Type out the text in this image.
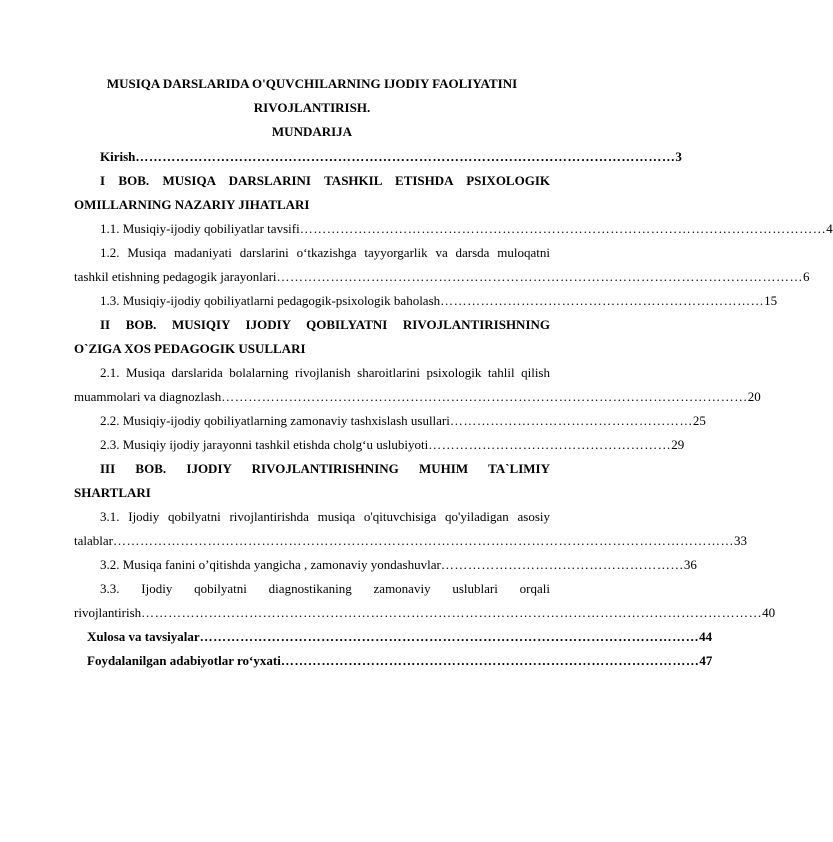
MUSIQA DARSLARIDA O'QUVCHILARNING IJODIY FAOLIYATINI
RIVOJLANTIRISH.
MUNDARIJA
Kirish ………………………………………………………………………………………………………… 3
I BOB. MUSIQA DARSLARINI TASHKIL ETISHDA PSIXOLOGIK
OMILLARNING NAZARIY JIHATLARI
1.1. Musiqiy-ijodiy qobiliyatlar tavsifi ……………………………………………………………………………………………………… 4
1.2. Musiqa madaniyati darslarini o‘tkazishga tayyorgarlik va darsda muloqatni
tashkil etishning pedagogik jarayonlari ……………………………………………………………………………………………………… 6
1.3. Musiqiy-ijodiy qobiliyatlarni pedagogik-psixologik baholash ……………………………………………………………… 15
II BOB. MUSIQIY IJODIY QOBILYATNI RIVOJLANTIRISHNING
O`ZIGA XOS PEDAGOGIK USULLARI
2.1. Musiqa darslarida bolalarning rivojlanish sharoitlarini psixologik tahlil qilish
muammolari va diagnozlash ……………………………………………………………………………………………………… 20
2.2. Musiqiy-ijodiy qobiliyatlarning zamonaviy tashxislash usullari ……………………………………………… 25
2.3. Musiqiy ijodiy jarayonni tashkil etishda cholg‘u uslubiyoti ……………………………………………… 29
III BOB. IJODIY RIVOJLANTIRISHNING MUHIM TA`LIMIY
SHARTLARI
3.1. Ijodiy qobilyatni rivojlantirishda musiqa o'qituvchisiga qo'yiladigan asosiy
talablar ………………………………………………………………………………………………………………………… 33
3.2. Musiqa fanini o’qitishda yangicha , zamonaviy yondashuvlar ……………………………………………… 36
3.3. Ijodiy qobilyatni diagnostikaning zamonaviy uslublari orqali
rivojlantirish ………………………………………………………………………………………………………………………… 40
Xulosa va tavsiyalar ………………………………………………………………………………………………… 44
Foydalanilgan adabiyotlar ro‘yxati ………………………………………………………………………………… 47
